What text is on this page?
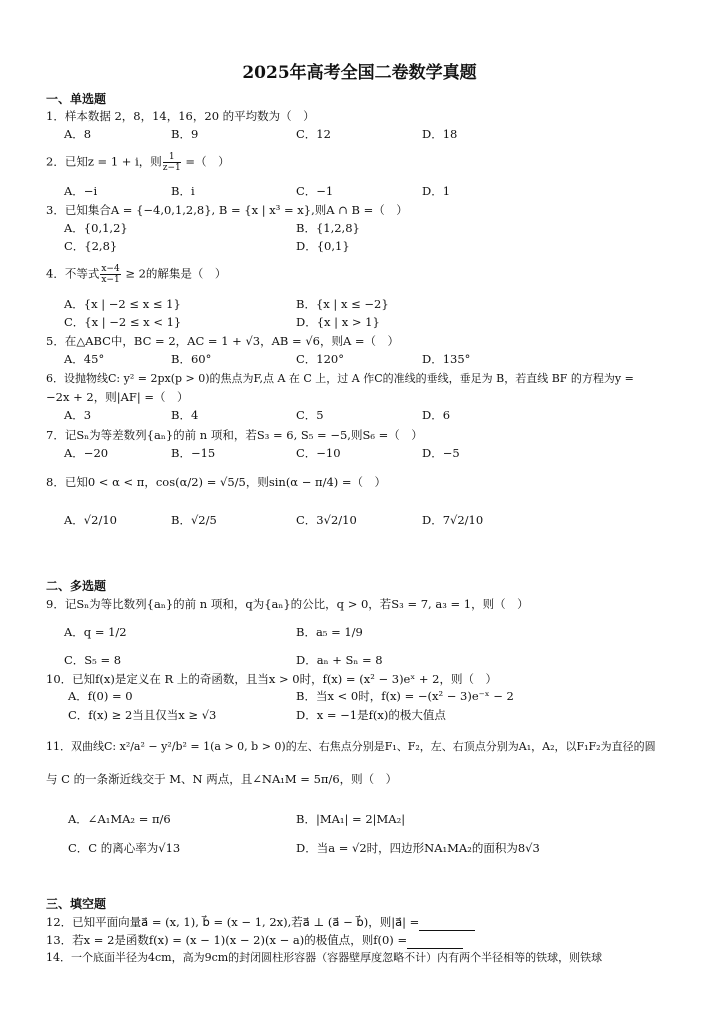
2025年高考全国二卷数学真题
一、单选题
1．样本数据 2，8，14，16，20 的平均数为（　）
A．8	B．9	C．12	D．18
2．已知z = 1 + i，则 $\frac{1}{z-1}$ =（　）
A．−i	B．i	C．−1	D．1
3．已知集合A = {−4,0,1,2,8}, B = {x | x³ = x},则A ∩ B =（　）
A．{0,1,2}	B．{1,2,8}
C．{2,8}	D．{0,1}
4．不等式 $\frac{x-4}{x-1} \ge 2$的解集是（　）
A．{x | −2 ≤ x ≤ 1}	B．{x | x ≤ −2}
C．{x | −2 ≤ x < 1}	D．{x | x > 1}
5．在△ABC中，BC = 2，AC = 1 + √3，AB = √6，则A =（　）
A．45°	B．60°	C．120°	D．135°
6．设抛物线C: y² = 2px(p > 0)的焦点为F,点 A 在 C 上，过 A 作C的准线的垂线，垂足为 B，若直线 BF 的方程为y =
−2x + 2，则|AF| =（　）
A．3	B．4	C．5	D．6
7．记Sₙ为等差数列{aₙ}的前 n 项和，若S₃ = 6, S₅ = −5,则S₆ =（　）
A．−20	B．−15	C．−10	D．−5
8．已知0 < α < π，cos(α/2) = √5/5，则sin(α − π/4) =（　）
A．√2/10	B．√2/5	C．3√2/10	D．7√2/10
二、多选题
9．记Sₙ为等比数列{aₙ}的前 n 项和，q为{aₙ}的公比，q > 0，若S₃ = 7, a₃ = 1，则（　）
A．q = 1/2	B．a₅ = 1/9
C．S₅ = 8	D．aₙ + Sₙ = 8
10．已知f(x)是定义在 R 上的奇函数，且当x > 0时，f(x) = (x² − 3)eˣ + 2，则（　）
A．f(0) = 0	B．当x < 0时，f(x) = −(x² − 3)e⁻ˣ − 2
C．f(x) ≥ 2当且仅当x ≥ √3	D．x = −1是f(x)的极大值点
11．双曲线C: x²/a² − y²/b² = 1(a > 0, b > 0)的左、右焦点分别是F₁、F₂，左、右顶点分别为A₁，A₂，以F₁F₂为直径的圆
与 C 的一条渐近线交于 M、N 两点，且∠NA₁M = 5π/6，则（　）
A．∠A₁MA₂ = π/6	B．|MA₁| = 2|MA₂|
C．C 的离心率为√13	D．当a = √2时，四边形NA₁MA₂的面积为8√3
三、填空题
12．已知平面向量a⃗ = (x, 1), b⃗ = (x − 1, 2x),若a⃗ ⊥ (a⃗ − b⃗)，则|a⃗| =
13．若x = 2是函数f(x) = (x − 1)(x − 2)(x − a)的极值点，则f(0) =
14．一个底面半径为4cm，高为9cm的封闭圆柱形容器（容器壁厚度忽略不计）内有两个半径相等的铁球，则铁球
